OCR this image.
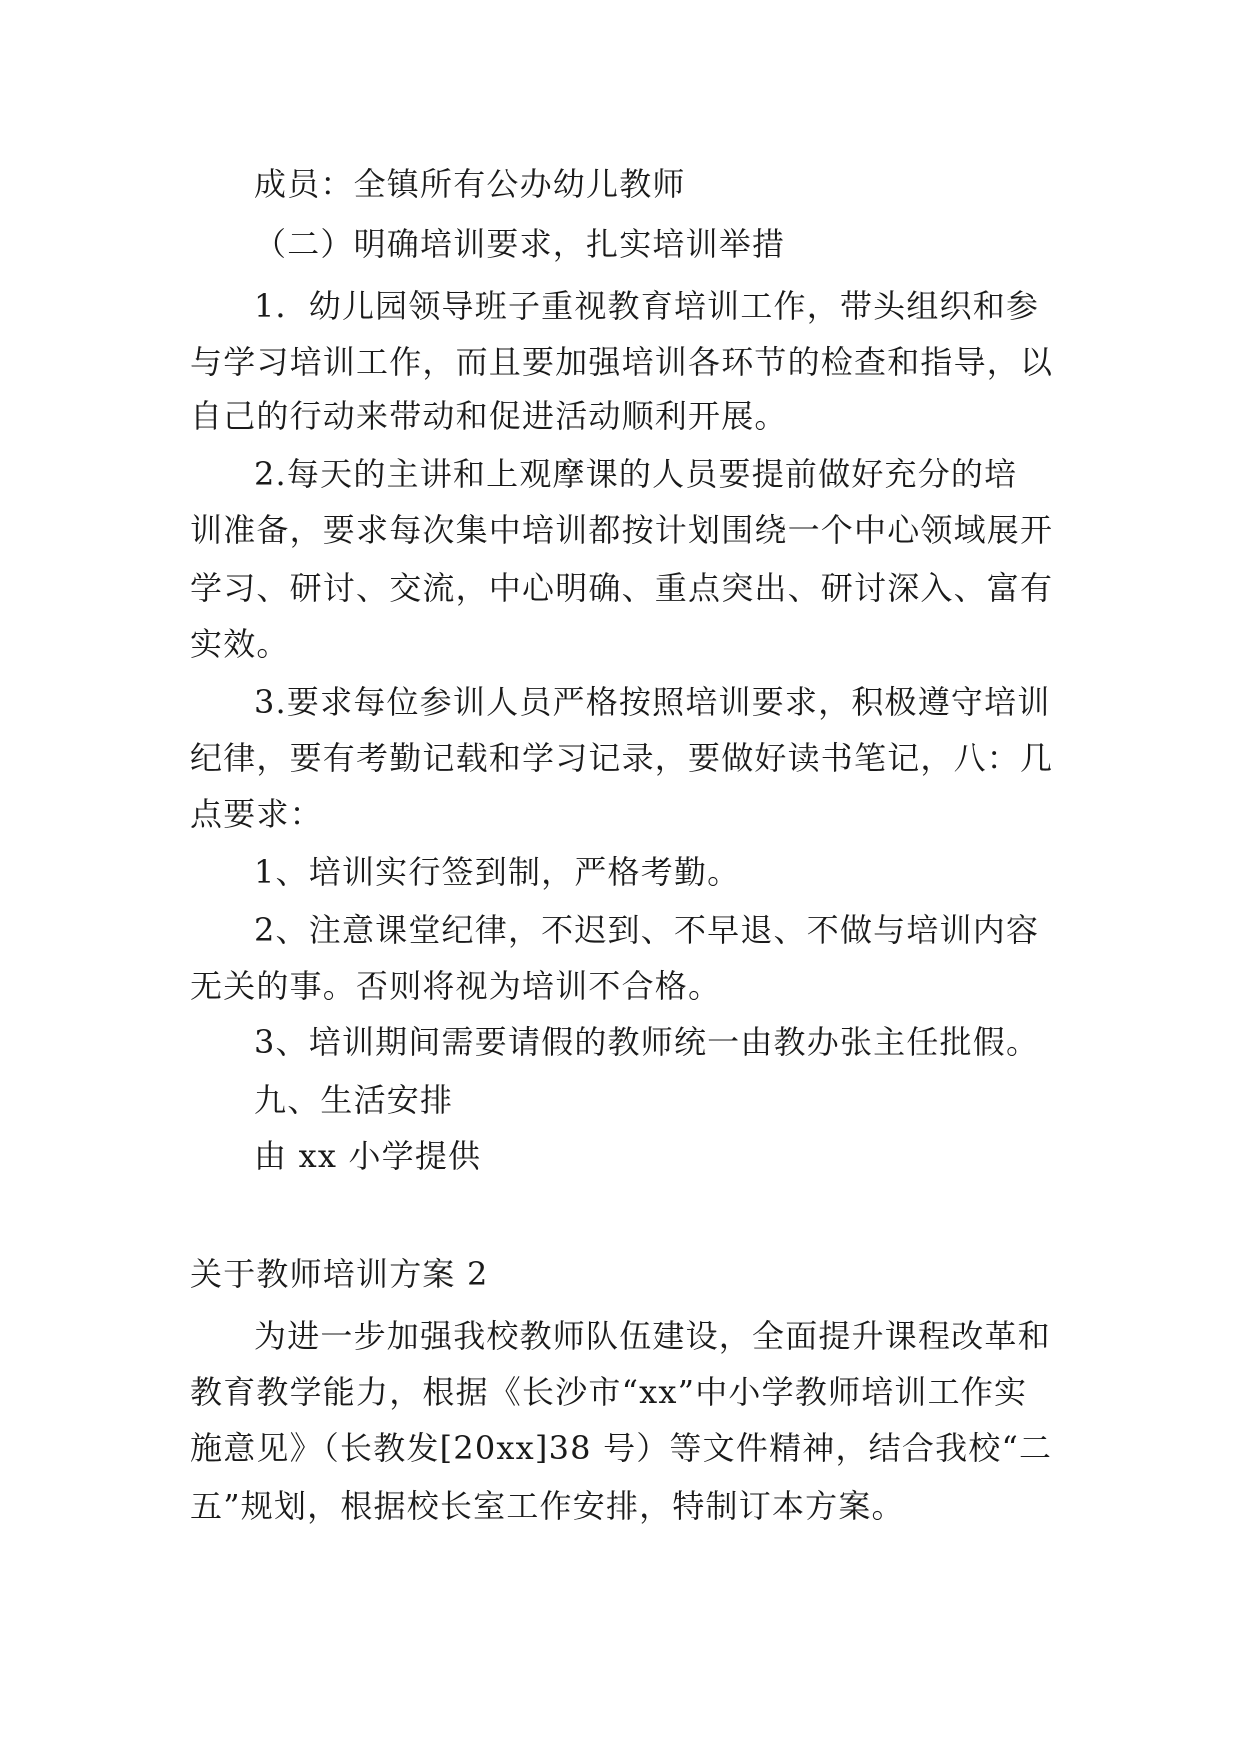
成员：全镇所有公办幼儿教师
（二）明确培训要求，扎实培训举措
1．幼儿园领导班子重视教育培训工作，带头组织和参
与学习培训工作，而且要加强培训各环节的检查和指导，以
自己的行动来带动和促进活动顺利开展。
2.每天的主讲和上观摩课的人员要提前做好充分的培
训准备，要求每次集中培训都按计划围绕一个中心领域展开
学习、研讨、交流，中心明确、重点突出、研讨深入、富有
实效。
3.要求每位参训人员严格按照培训要求，积极遵守培训
纪律，要有考勤记载和学习记录，要做好读书笔记，八：几
点要求：
1、培训实行签到制，严格考勤。
2、注意课堂纪律，不迟到、不早退、不做与培训内容
无关的事。否则将视为培训不合格。
3、培训期间需要请假的教师统一由教办张主任批假。
九、生活安排
由 xx 小学提供
关于教师培训方案 2
为进一步加强我校教师队伍建设，全面提升课程改革和
教育教学能力，根据《长沙市“xx”中小学教师培训工作实
施意见》（长教发[20xx]38 号）等文件精神，结合我校“二
五”规划，根据校长室工作安排，特制订本方案。
